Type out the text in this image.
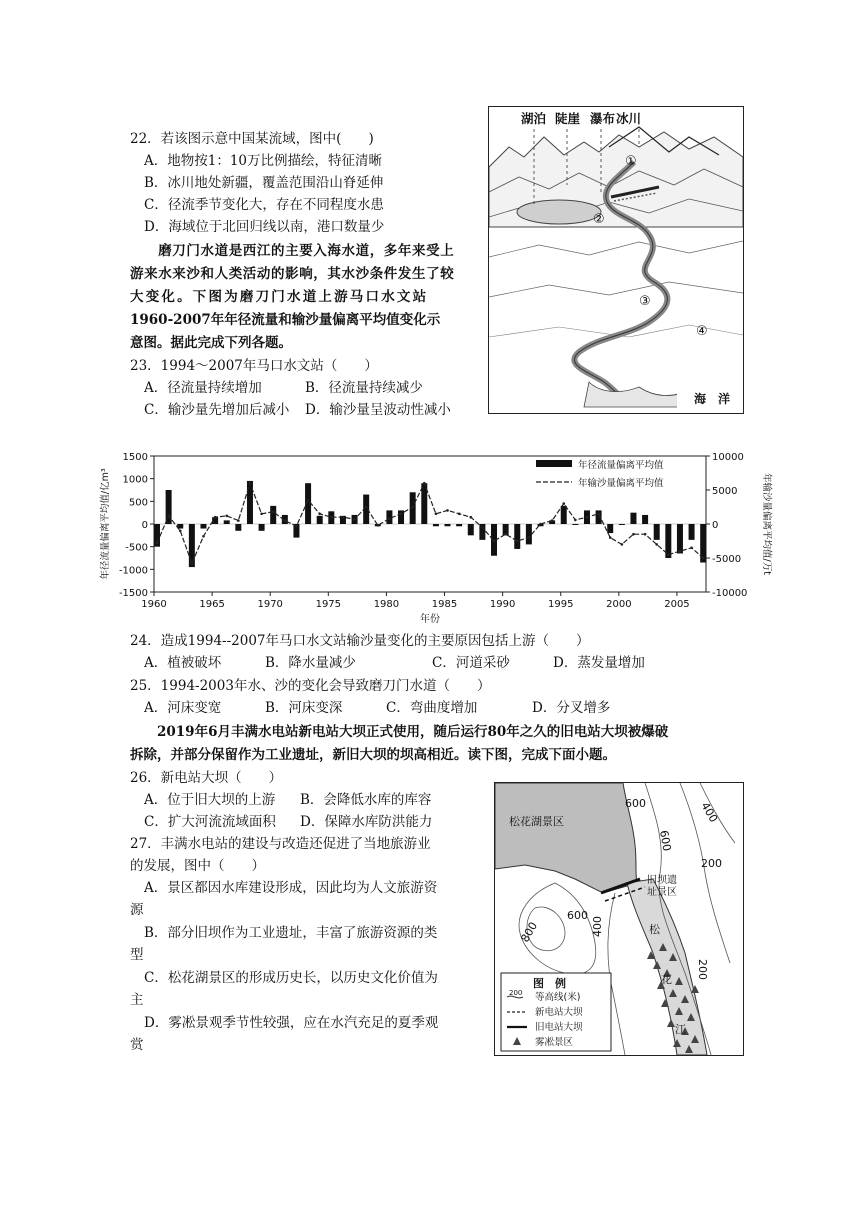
22．若该图示意中国某流域，图中(　　)
A．地物按1：10万比例描绘，特征清晰
B．冰川地处新疆，覆盖范围沿山脊延伸
C．径流季节变化大，存在不同程度水患
D．海域位于北回归线以南，港口数量少
　　磨刀门水道是西江的主要入海水道，多年来受上
游来水来沙和人类活动的影响，其水沙条件发生了较
大变化。下图为磨刀门水道上游马口水文站
1960-2007年年径流量和输沙量偏离平均值变化示
意图。据此完成下列各题。
23．1994～2007年马口水文站（　　）
A．径流量持续增加	B．径流量持续减少
C．输沙量先增加后减小 D．输沙量呈波动性减小
湖泊 陡崖 瀑布 冰川
①
②
③
④
海　洋
1500
1000
500
0
-500
-1000
-1500
10000
5000
0
-5000
-10000
1960	1965	1970	1975	1980	1985	1990	1995	2000	2005
年份
年径流量偏离平均值/亿m³	年输沙量偏离平均值/万t
年径流量偏离平均值
年输沙量偏离平均值
24．造成1994--2007年马口水文站输沙量变化的主要原因包括上游（　　）
A．植被破坏	B．降水量减少	C．河道采砂	D．蒸发量增加
25．1994-2003年水、沙的变化会导致磨刀门水道（　　）
A．河床变宽	B．河床变深	C．弯曲度增加	D．分叉增多
　　2019年6月丰满水电站新电站大坝正式使用，随后运行80年之久的旧电站大坝被爆破
拆除，并部分保留作为工业遗址，新旧大坝的坝高相近。读下图，完成下面小题。
26．新电站大坝（　　）
A．位于旧大坝的上游 B．会降低水库的库容
C．扩大河流流域面积 D．保障水库防洪能力
27．丰满水电站的建设与改造还促进了当地旅游业
的发展，图中（　　）
A．景区都因水库建设形成，因此均为人文旅游资
源
B．部分旧坝作为工业遗址，丰富了旅游资源的类
型
C．松花湖景区的形成历史长，以历史文化价值为
主
D．雾凇景观季节性较强，应在水汽充足的夏季观
赏
松花湖景区
旧坝遗
址景区
松
花
江
600	400
600
200
600
800	400
200
图　例
200 等高线(米)
新电站大坝
旧电站大坝
雾凇景区
